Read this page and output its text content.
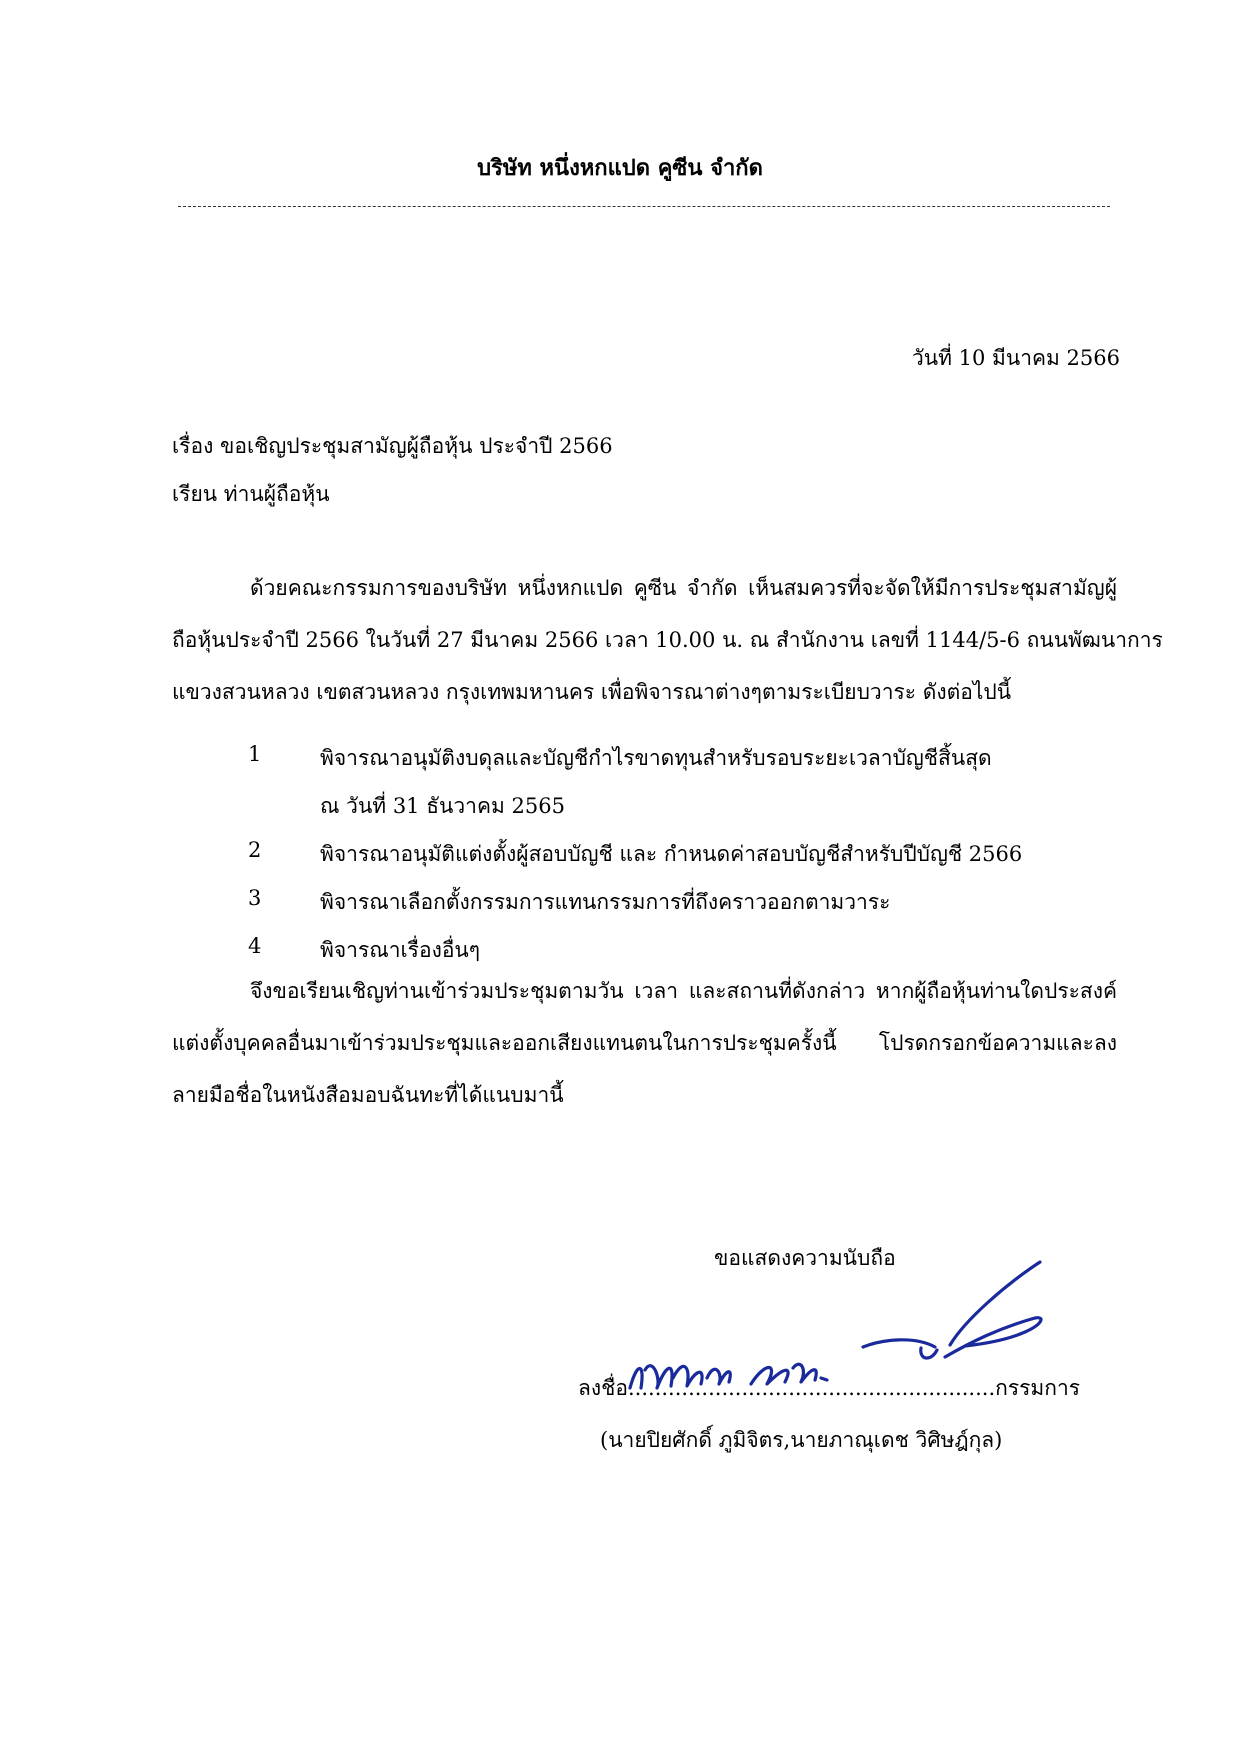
บริษัท หนึ่งหกแปด คูซีน จำกัด
วันที่ 10 มีนาคม 2566
เรื่อง ขอเชิญประชุมสามัญผู้ถือหุ้น ประจำปี 2566
เรียน ท่านผู้ถือหุ้น
ด้วยคณะกรรมการของบริษัท หนึ่งหกแปด คูซีน จำกัด เห็นสมควรที่จะจัดให้มีการประชุมสามัญผู้
ถือหุ้นประจำปี 2566 ในวันที่ 27 มีนาคม 2566 เวลา 10.00 น. ณ สำนักงาน เลขที่ 1144/5-6 ถนนพัฒนาการ
แขวงสวนหลวง เขตสวนหลวง กรุงเทพมหานคร เพื่อพิจารณาต่างๆตามระเบียบวาระ ดังต่อไปนี้
1	พิจารณาอนุมัติงบดุลและบัญชีกำไรขาดทุนสำหรับรอบระยะเวลาบัญชีสิ้นสุด
ณ วันที่ 31 ธันวาคม 2565
2	พิจารณาอนุมัติแต่งตั้งผู้สอบบัญชี และ กำหนดค่าสอบบัญชีสำหรับปีบัญชี 2566
3	พิจารณาเลือกตั้งกรรมการแทนกรรมการที่ถึงคราวออกตามวาระ
4	พิจารณาเรื่องอื่นๆ
จึงขอเรียนเชิญท่านเข้าร่วมประชุมตามวัน เวลา และสถานที่ดังกล่าว หากผู้ถือหุ้นท่านใดประสงค์
แต่งตั้งบุคคลอื่นมาเข้าร่วมประชุมและออกเสียงแทนตนในการประชุมครั้งนี้ โปรดกรอกข้อความและลง
ลายมือชื่อในหนังสือมอบฉันทะที่ได้แนบมานี้
ขอแสดงความนับถือ
ลงชื่อ.......................................................กรรมการ
(นายปิยศักดิ์ ภูมิจิตร,นายภาณุเดช วิศิษฎ์กุล)
